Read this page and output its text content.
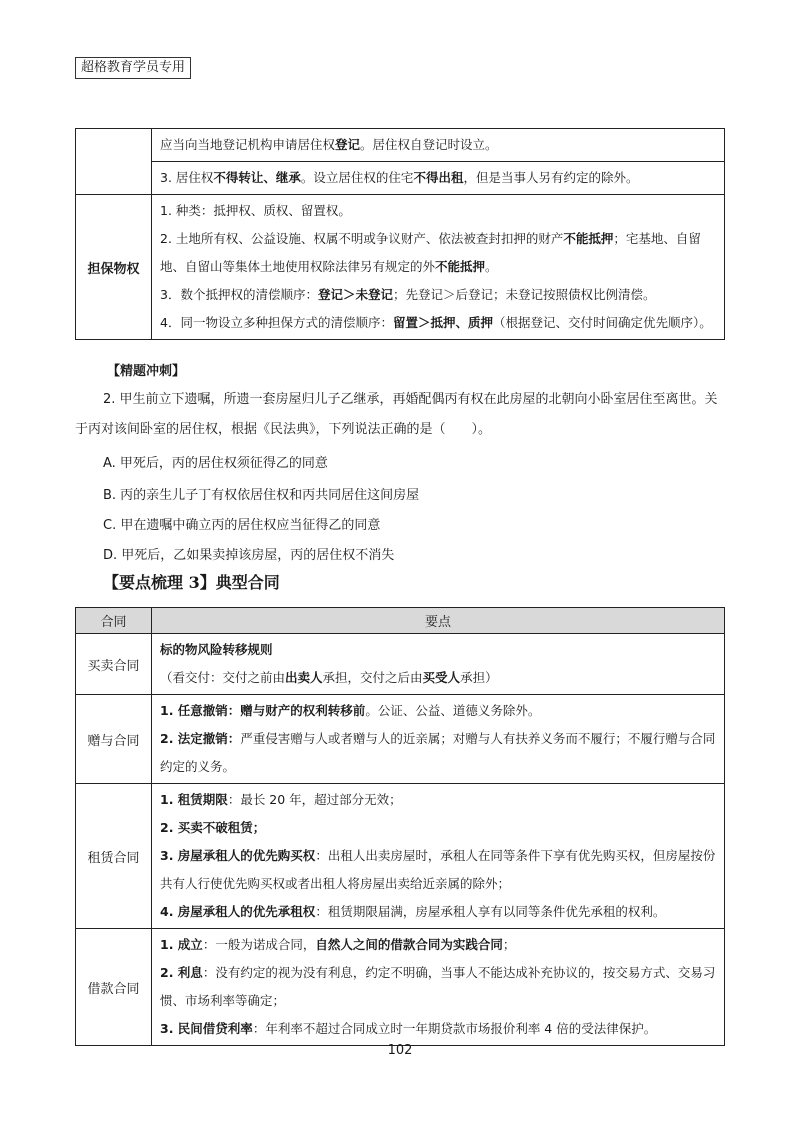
超格教育学员专用
	应当向当地登记机构申请居住权登记。居住权自登记时设立。
	3. 居住权不得转让、继承。设立居住权的住宅不得出租，但是当事人另有约定的除外。
担保物权	1. 种类：抵押权、质权、留置权。

2. 土地所有权、公益设施、权属不明或争议财产、依法被查封扣押的财产不能抵押；宅基地、自留地、自留山等集体土地使用权除法律另有规定的外不能抵押。

3．数个抵押权的清偿顺序：登记＞未登记；先登记＞后登记；未登记按照债权比例清偿。

4．同一物设立多种担保方式的清偿顺序：留置＞抵押、质押（根据登记、交付时间确定优先顺序）。

【精题冲刺】
2. 甲生前立下遗嘱，所遗一套房屋归儿子乙继承，再婚配偶丙有权在此房屋的北朝向小卧室居住至离世。关于丙对该间卧室的居住权，根据《民法典》，下列说法正确的是（　　）。
A. 甲死后，丙的居住权须征得乙的同意
B. 丙的亲生儿子丁有权依居住权和丙共同居住这间房屋
C. 甲在遗嘱中确立丙的居住权应当征得乙的同意
D. 甲死后，乙如果卖掉该房屋，丙的居住权不消失
【要点梳理 3】典型合同
合同	要点
买卖合同	标的物风险转移规则

（看交付：交付之前由出卖人承担，交付之后由买受人承担）

赠与合同	1. 任意撤销：赠与财产的权利转移前。公证、公益、道德义务除外。

2. 法定撤销：严重侵害赠与人或者赠与人的近亲属；对赠与人有扶养义务而不履行；不履行赠与合同约定的义务。

租赁合同	1. 租赁期限：最长 20 年，超过部分无效；

2. 买卖不破租赁；

3. 房屋承租人的优先购买权：出租人出卖房屋时，承租人在同等条件下享有优先购买权，但房屋按份共有人行使优先购买权或者出租人将房屋出卖给近亲属的除外；

4. 房屋承租人的优先承租权：租赁期限届满，房屋承租人享有以同等条件优先承租的权利。

借款合同	1. 成立：一般为诺成合同，自然人之间的借款合同为实践合同；

2. 利息：没有约定的视为没有利息，约定不明确，当事人不能达成补充协议的，按交易方式、交易习惯、市场利率等确定；

3. 民间借贷利率：年利率不超过合同成立时一年期贷款市场报价利率 4 倍的受法律保护。

102
